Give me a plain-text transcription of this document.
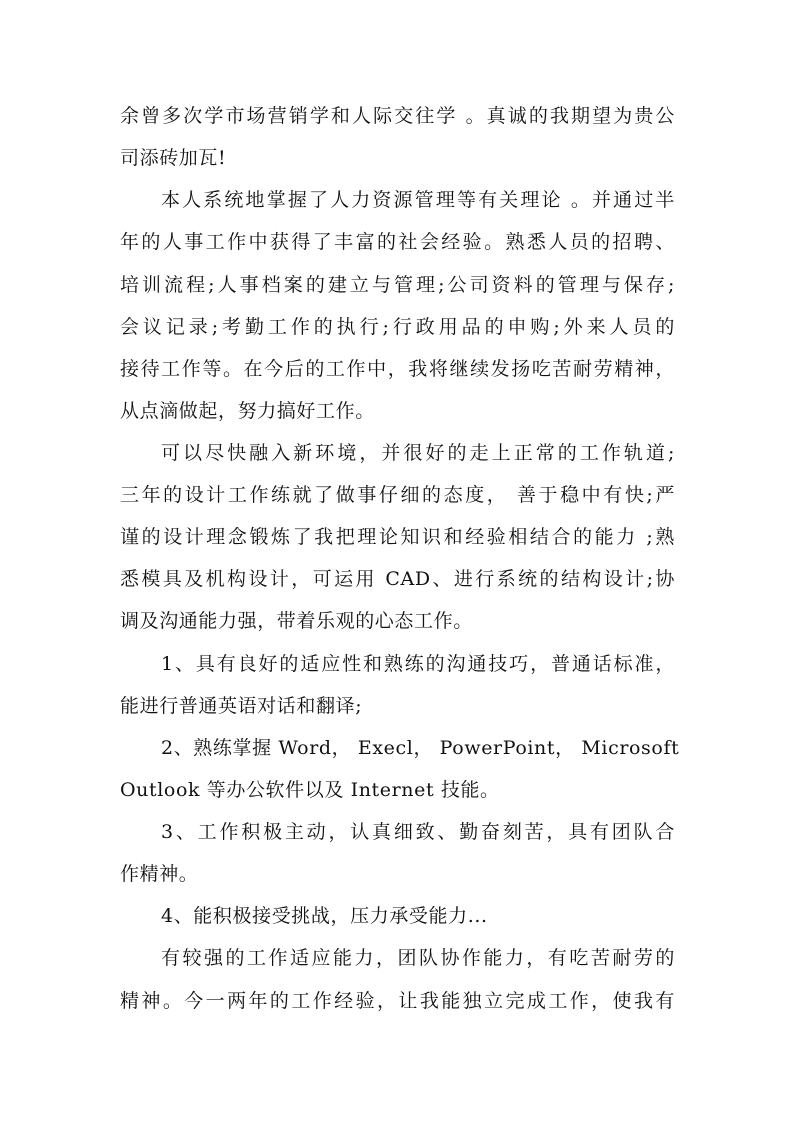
余曾多次学市场营销学和人际交往学 。真诚的我期望为贵公
司添砖加瓦!
本人系统地掌握了人力资源管理等有关理论 。并通过半
年的人事工作中获得了丰富的社会经验。熟悉人员的招聘、
培训流程;人事档案的建立与管理;公司资料的管理与保存;
会议记录;考勤工作的执行;行政用品的申购;外来人员的
接待工作等。在今后的工作中，我将继续发扬吃苦耐劳精神，
从点滴做起，努力搞好工作。
可以尽快融入新环境，并很好的走上正常的工作轨道;
三年的设计工作练就了做事仔细的态度， 善于稳中有快;严
谨的设计理念锻炼了我把理论知识和经验相结合的能力 ;熟
悉模具及机构设计，可运用 CAD、进行系统的结构设计;协
调及沟通能力强，带着乐观的心态工作。
1、具有良好的适应性和熟练的沟通技巧，普通话标准，
能进行普通英语对话和翻译;
2、熟练掌握 Word， Execl， PowerPoint， Microsoft
Outlook 等办公软件以及 Internet 技能。
3、工作积极主动，认真细致、勤奋刻苦，具有团队合
作精神。
4、能积极接受挑战，压力承受能力...
有较强的工作适应能力，团队协作能力，有吃苦耐劳的
精神。今一两年的工作经验，让我能独立完成工作，使我有
